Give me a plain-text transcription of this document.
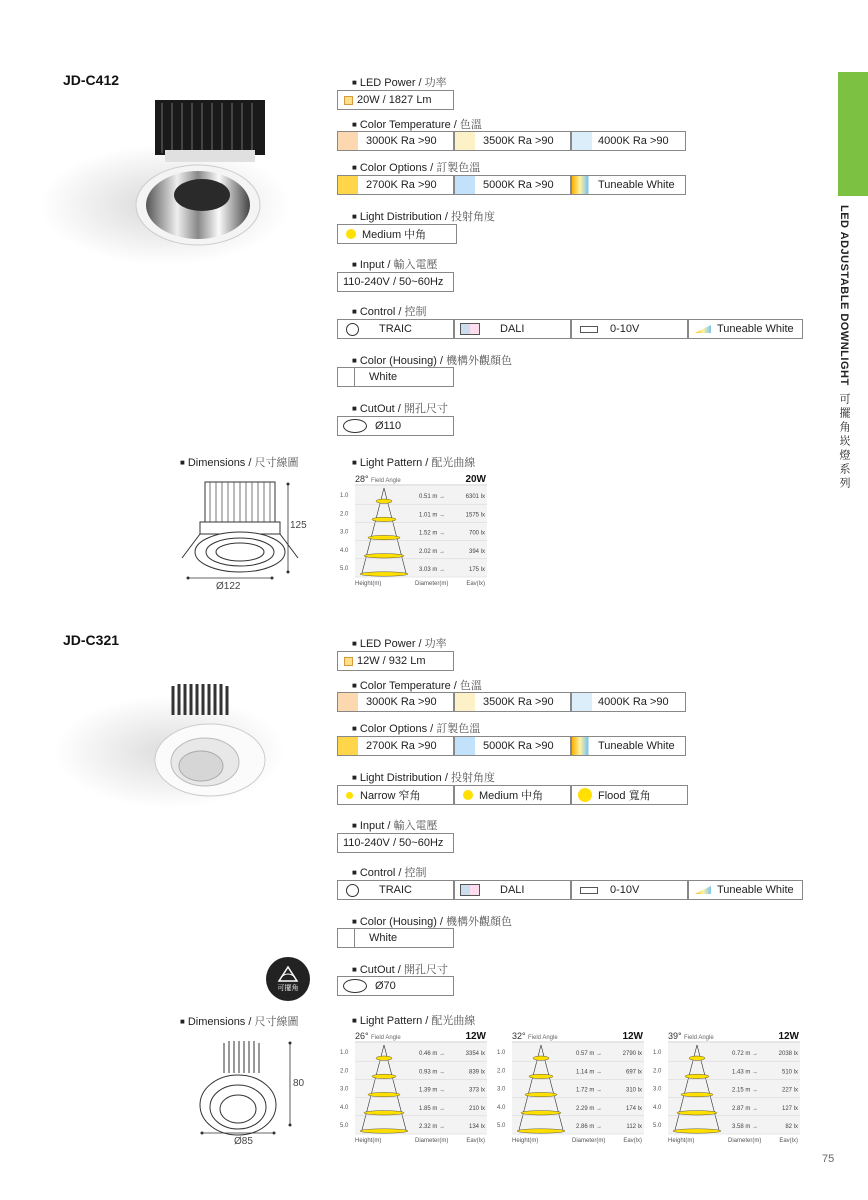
LED ADJUSTABLE DOWNLIGHT  可擺角崁燈系列
75
JD-C412	■ LED Power / 功率
20W / 1827 Lm
■ Color Temperature / 色溫
3000K Ra >90	3500K Ra >90	4000K Ra >90
■ Color Options / 訂製色溫
2700K Ra >90	5000K Ra >90	Tuneable White
■ Light Distribution / 投射角度
Medium 中角
■ Input / 輸入電壓
110-240V / 50~60Hz
■ Control / 控制
TRAIC	DALI	0-10V	Tuneable White
■ Color (Housing) / 機構外觀顏色
White
■ CutOut / 開孔尺寸
Ø110
■ Dimensions / 尺寸線圖	■ Light Pattern / 配光曲線
125
Ø122
28° Field Angle	20W
1.0	0.51 m →	6301 lx
2.0	1.01 m →	1575 lx
3.0	1.52 m →	700 lx
4.0	2.02 m →	394 lx
5.0	3.03 m →	175 lx
Height(m)	Diameter(m)	Eav(lx)
JD-C321	■ LED Power / 功率
12W / 932 Lm
■ Color Temperature / 色溫
3000K Ra >90	3500K Ra >90	4000K Ra >90
■ Color Options / 訂製色溫
2700K Ra >90	5000K Ra >90	Tuneable White
■ Light Distribution / 投射角度
Narrow 窄角	Medium 中角	Flood 寬角
■ Input / 輸入電壓
110-240V / 50~60Hz
■ Control / 控制
TRAIC	DALI	0-10V	Tuneable White
■ Color (Housing) / 機構外觀顏色
White
可擺角
■ CutOut / 開孔尺寸
Ø70
■ Dimensions / 尺寸線圖	■ Light Pattern / 配光曲線
80
Ø85
26° Field Angle	12W
1.0	0.46 m →	3354 lx
2.0	0.93 m →	839 lx
3.0	1.39 m →	373 lx
4.0	1.85 m →	210 lx
5.0	2.32 m →	134 lx
Height(m)	Diameter(m)	Eav(lx)
32° Field Angle	12W
1.0	0.57 m →	2790 lx
2.0	1.14 m →	697 lx
3.0	1.72 m →	310 lx
4.0	2.29 m →	174 lx
5.0	2.86 m →	112 lx
Height(m)	Diameter(m)	Eav(lx)
39° Field Angle	12W
1.0	0.72 m →	2038 lx
2.0	1.43 m →	510 lx
3.0	2.15 m →	227 lx
4.0	2.87 m →	127 lx
5.0	3.58 m →	82 lx
Height(m)	Diameter(m)	Eav(lx)
